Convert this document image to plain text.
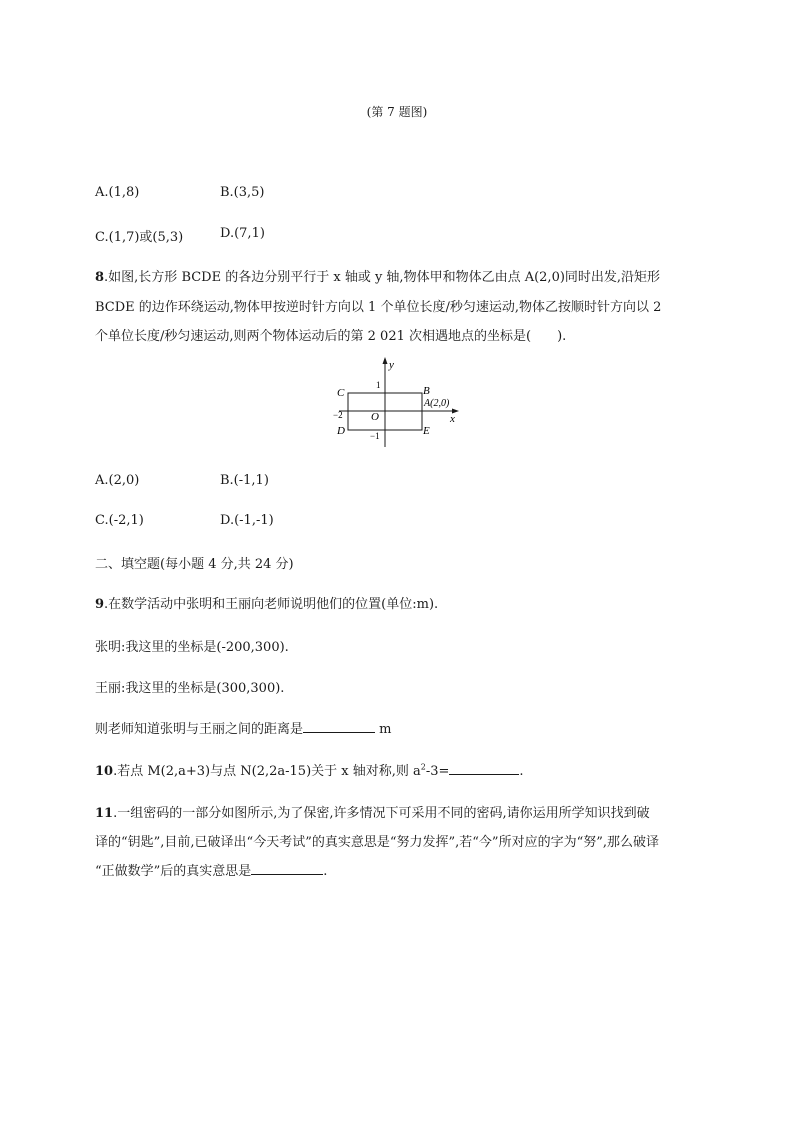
(第 7 题图)
A.(1,8)	B.(3,5)
C.(1,7)或(5,3)	D.(7,1)
8.如图,长方形 BCDE 的各边分别平行于 x 轴或 y 轴,物体甲和物体乙由点 A(2,0)同时出发,沿矩形
BCDE 的边作环绕运动,物体甲按逆时针方向以 1 个单位长度/秒匀速运动,物体乙按顺时针方向以 2
个单位长度/秒匀速运动,则两个物体运动后的第 2 021 次相遇地点的坐标是(　　).
y
x
C	B
A(2,0)
D	E
O
1
−2
−1
A.(2,0)	B.(-1,1)
C.(-2,1)	D.(-1,-1)
二、填空题(每小题 4 分,共 24 分)
9.在数学活动中张明和王丽向老师说明他们的位置(单位:m).
张明:我这里的坐标是(-200,300).
王丽:我这里的坐标是(300,300).
则老师知道张明与王丽之间的距离是	m
10.若点 M(2,a+3)与点 N(2,2a-15)关于 x 轴对称,则 $a^2-3=$	.
11.一组密码的一部分如图所示,为了保密,许多情况下可采用不同的密码,请你运用所学知识找到破
译的“钥匙”,目前,已破译出“今天考试”的真实意思是“努力发挥”,若“今”所对应的字为“努”,那么破译
“正做数学”后的真实意思是	.
